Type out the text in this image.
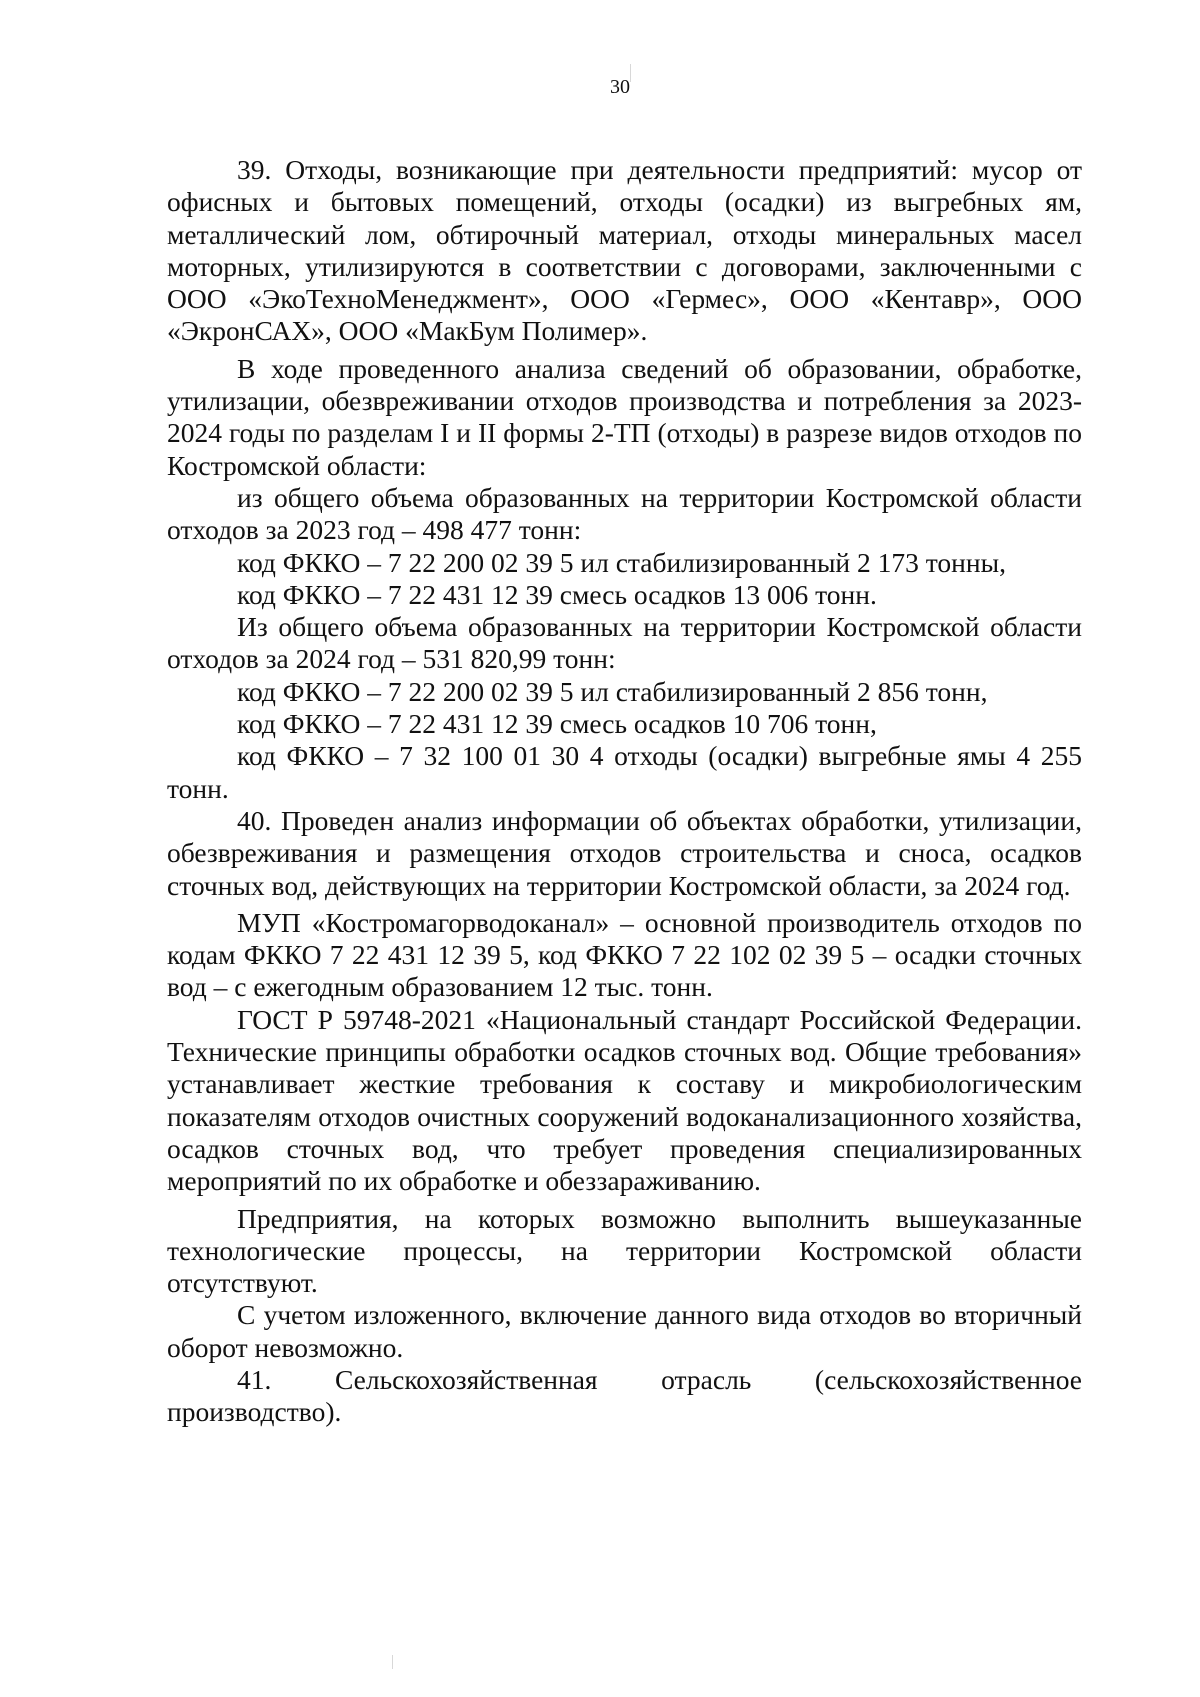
30

39. Отходы, возникающие при деятельности предприятий: мусор от офисных и бытовых помещений, отходы (осадки) из выгребных ям, металлический лом, обтирочный материал, отходы минеральных масел моторных, утилизируются в соответствии с договорами, заключенными с ООО «ЭкоТехноМенеджмент», ООО «Гермес», ООО «Кентавр», ООО «ЭкронСАХ», ООО «МакБум Полимер».

В ходе проведенного анализа сведений об образовании, обработке, утилизации, обезвреживании отходов производства и потребления за 2023-2024 годы по разделам I и II формы 2-ТП (отходы) в разрезе видов отходов по Костромской области:

из общего объема образованных на территории Костромской области отходов за 2023 год – 498 477 тонн:

код ФККО – 7 22 200 02 39 5 ил стабилизированный 2 173 тонны,

код ФККО – 7 22 431 12 39 смесь осадков 13 006 тонн.

Из общего объема образованных на территории Костромской области отходов за 2024 год – 531 820,99 тонн:

код ФККО – 7 22 200 02 39 5 ил стабилизированный 2 856 тонн,

код ФККО – 7 22 431 12 39 смесь осадков 10 706 тонн,

код ФККО – 7 32 100 01 30 4 отходы (осадки) выгребные ямы 4 255 тонн.

40. Проведен анализ информации об объектах обработки, утилизации, обезвреживания и размещения отходов строительства и сноса, осадков сточных вод, действующих на территории Костромской области, за 2024 год.

МУП «Костромагорводоканал» – основной производитель отходов по кодам ФККО 7 22 431 12 39 5, код ФККО 7 22 102 02 39 5 – осадки сточных вод – с ежегодным образованием 12 тыс. тонн.

ГОСТ Р 59748-2021 «Национальный стандарт Российской Федерации. Технические принципы обработки осадков сточных вод. Общие требования» устанавливает жесткие требования к составу и микробиологическим показателям отходов очистных сооружений водоканализационного хозяйства, осадков сточных вод, что требует проведения специализированных мероприятий по их обработке и обеззараживанию.

Предприятия, на которых возможно выполнить вышеуказанные технологические процессы, на территории Костромской области отсутствуют.

С учетом изложенного, включение данного вида отходов во вторичный оборот невозможно.

41. Сельскохозяйственная отрасль (сельскохозяйственное производство).
